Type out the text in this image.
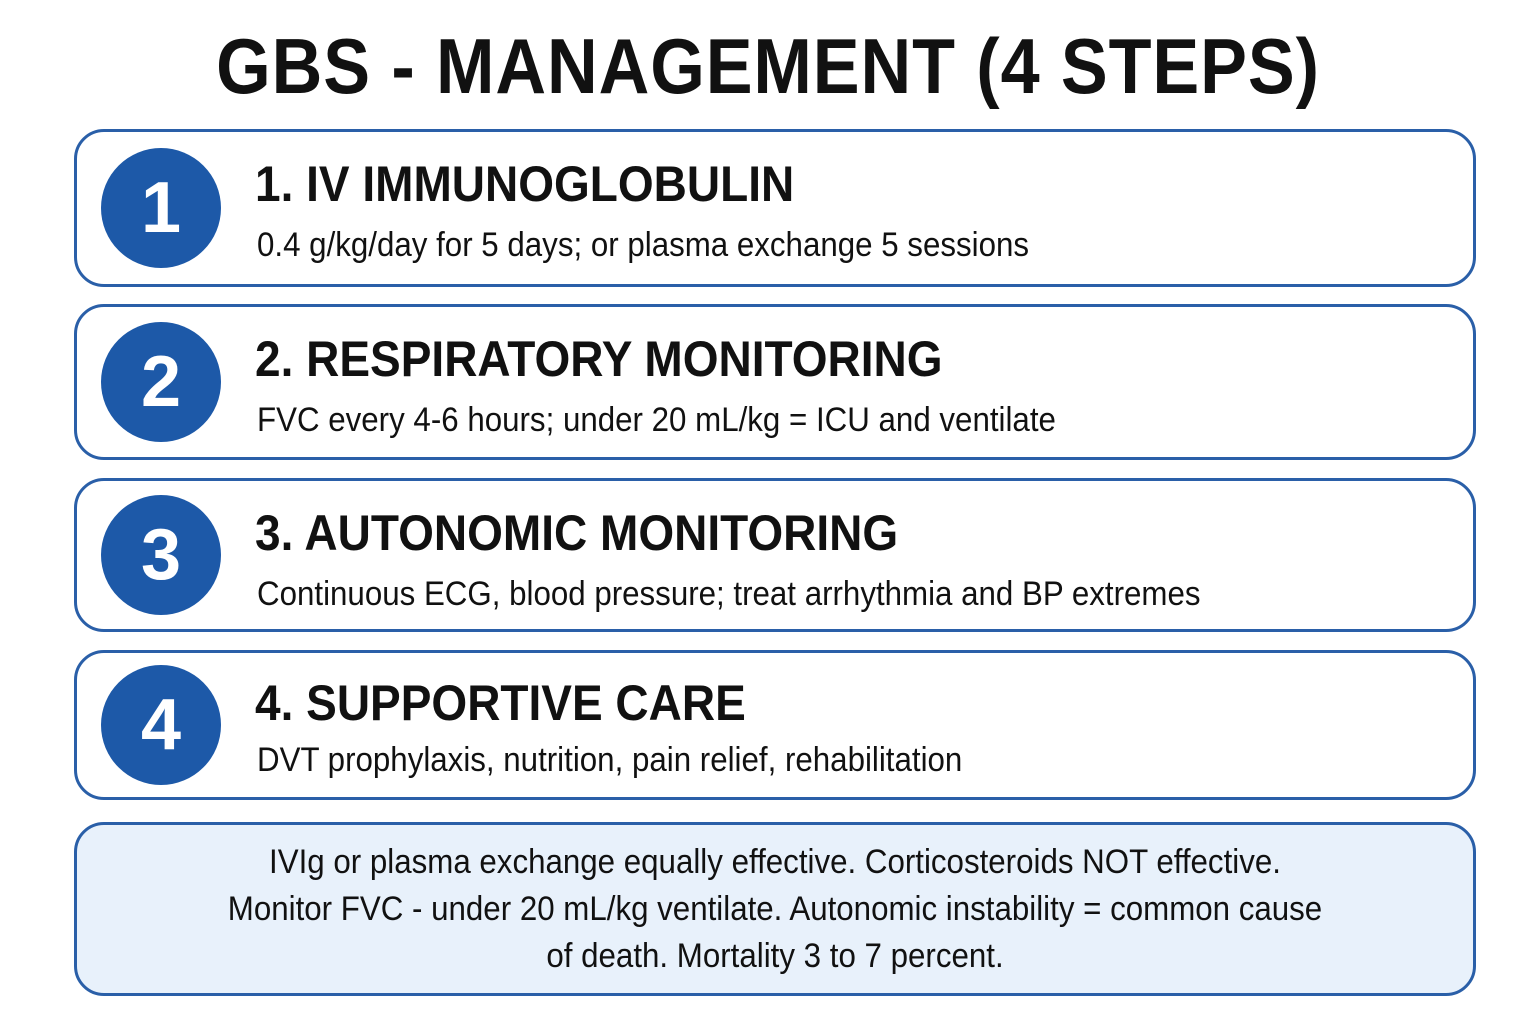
GBS - MANAGEMENT (4 STEPS)
1	1. IV IMMUNOGLOBULIN
0.4 g/kg/day for 5 days; or plasma exchange 5 sessions
2	2. RESPIRATORY MONITORING
FVC every 4-6 hours; under 20 mL/kg = ICU and ventilate
3	3. AUTONOMIC MONITORING
Continuous ECG, blood pressure; treat arrhythmia and BP extremes
4	4. SUPPORTIVE CARE
DVT prophylaxis, nutrition, pain relief, rehabilitation
IVIg or plasma exchange equally effective. Corticosteroids NOT effective. Monitor FVC - under 20 mL/kg ventilate. Autonomic instability = common cause of death. Mortality 3 to 7 percent.
